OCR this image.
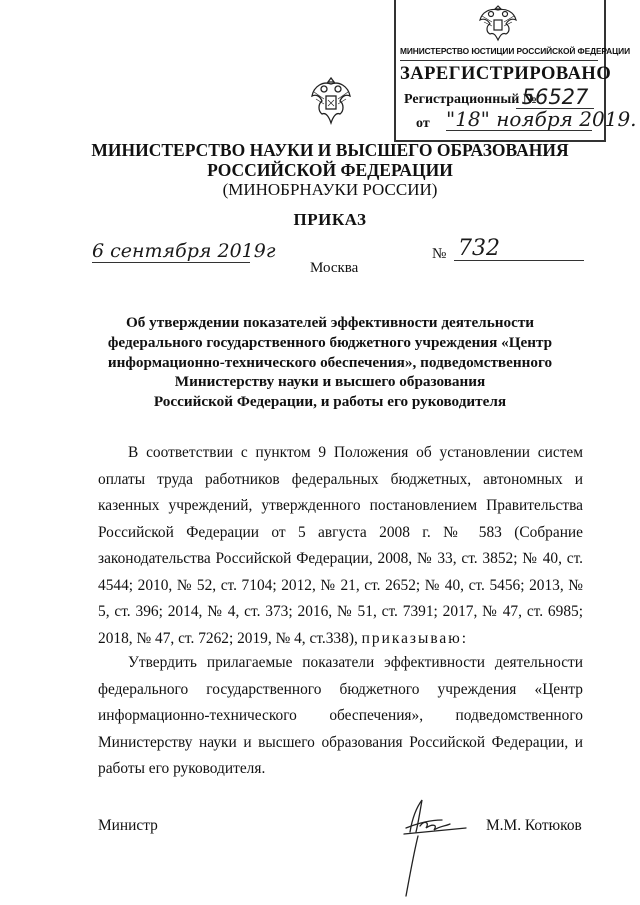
МИНИСТЕРСТВО ЮСТИЦИИ РОССИЙСКОЙ ФЕДЕРАЦИИ
ЗАРЕГИСТРИРОВАНО
Регистрационный №
56527
от "18" ноября 2019.
МИНИСТЕРСТВО НАУКИ И ВЫСШЕГО ОБРАЗОВАНИЯ
РОССИЙСКОЙ ФЕДЕРАЦИИ
(МИНОБРНАУКИ РОССИИ)
ПРИКАЗ
6 сентября 2019г	№ 732
Москва
Об утверждении показателей эффективности деятельности
федерального государственного бюджетного учреждения «Центр
информационно-технического обеспечения», подведомственного
Министерству науки и высшего образования
Российской Федерации, и работы его руководителя
В соответствии с пунктом 9 Положения об установлении систем оплаты труда работников федеральных бюджетных, автономных и казенных учреждений, утвержденного постановлением Правительства Российской Федерации от 5 августа 2008 г. № 583 (Собрание законодательства Российской Федерации, 2008, № 33, ст. 3852; № 40, ст. 4544; 2010, № 52, ст. 7104; 2012, № 21, ст. 2652; № 40, ст. 5456; 2013, № 5, ст. 396; 2014, № 4, ст. 373; 2016, № 51, ст. 7391; 2017, № 47, ст. 6985; 2018, № 47, ст. 7262; 2019, № 4, ст.338), приказываю:
Утвердить прилагаемые показатели эффективности деятельности федерального государственного бюджетного учреждения «Центр информационно-технического обеспечения», подведомственного Министерству науки и высшего образования Российской Федерации, и работы его руководителя.
Министр	М.М. Котюков
